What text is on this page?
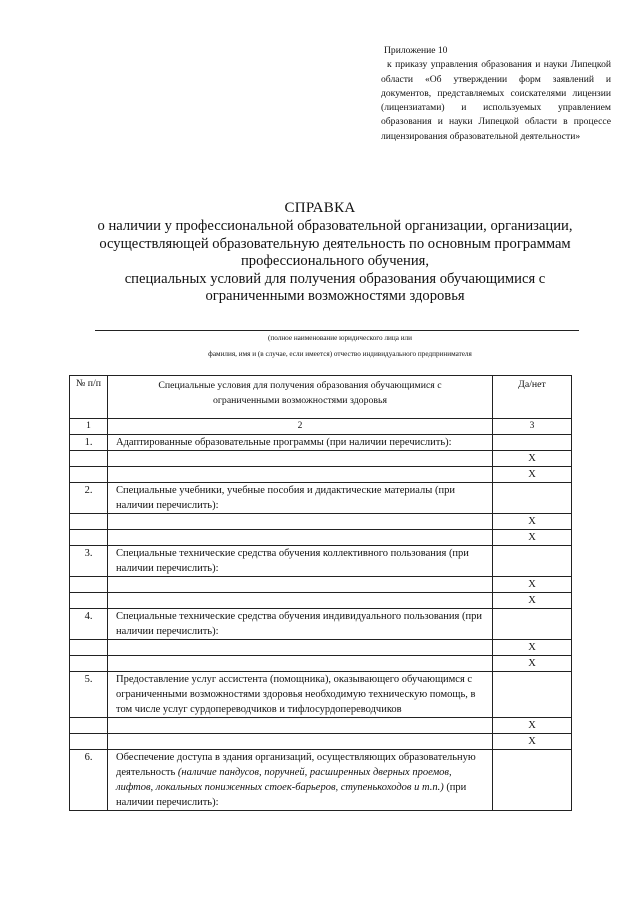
Приложение 10
к приказу управления образования и науки Липецкой области «Об утверждении форм заявлений и документов, представляемых соискателями лицензии (лицензиатами) и используемых управлением образования и науки Липецкой области в процессе лицензирования образовательной деятельности»
СПРАВКА
о наличии у профессиональной образовательной организации, организации,
осуществляющей образовательную деятельность по основным программам
профессионального обучения,
специальных условий для получения образования обучающимися с
ограниченными возможностями здоровья
(полное наименование юридического лица или
фамилия, имя и (в случае, если имеется) отчество индивидуального предпринимателя
№ п/п	Специальные условия для получения образования обучающимися с ограниченными возможностями здоровья	Да/нет
1	2	3
1.	Адаптированные образовательные программы (при наличии перечислить):	
		X
		X
2.	Специальные учебники, учебные пособия и дидактические материалы (при наличии перечислить):	
		X
		X
3.	Специальные технические средства обучения коллективного пользования (при наличии перечислить):	
		X
		X
4.	Специальные технические средства обучения индивидуального пользования (при наличии перечислить):	
		X
		X
5.	Предоставление услуг ассистента (помощника), оказывающего обучающимся с ограниченными возможностями здоровья необходимую техническую помощь, в том числе услуг сурдопереводчиков и тифлосурдопереводчиков	
		X
		X
6.	Обеспечение доступа в здания организаций, осуществляющих образовательную деятельность (наличие пандусов, поручней, расширенных дверных проемов, лифтов, локальных пониженных стоек-барьеров, ступенькоходов и т.п.) (при наличии перечислить):	
